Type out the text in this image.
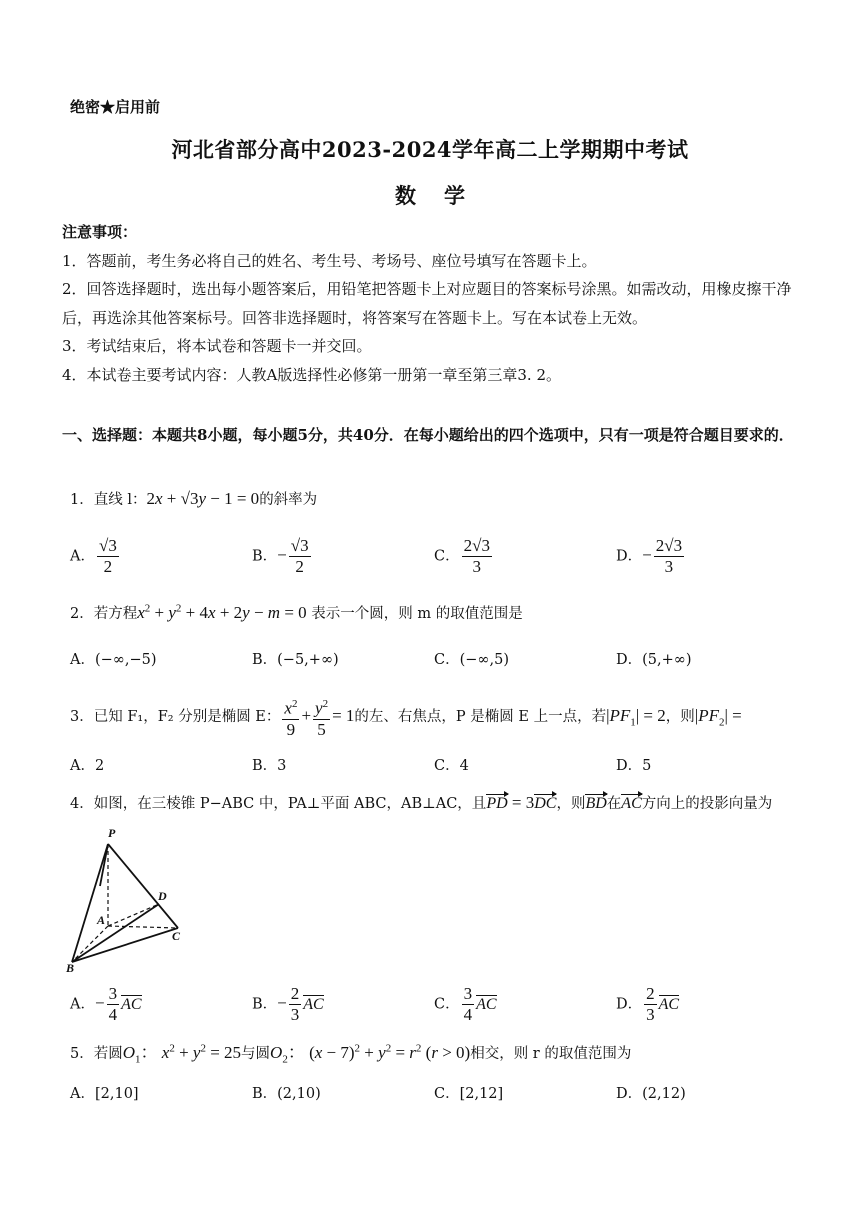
绝密★启用前
河北省部分高中2023-2024学年高二上学期期中考试
数学

注意事项：

1．答题前，考生务必将自己的姓名、考生号、考场号、座位号填写在答题卡上。

2．回答选择题时，选出每小题答案后，用铅笔把答题卡上对应题目的答案标号涂黑。如需改动，用橡皮擦干净后，再选涂其他答案标号。回答非选择题时，将答案写在答题卡上。写在本试卷上无效。

3．考试结束后，将本试卷和答题卡一并交回。

4．本试卷主要考试内容：人教A版选择性必修第一册第一章至第三章3. 2。

一、选择题：本题共8小题，每小题5分，共40分．在每小题给出的四个选项中，只有一项是符合题目要求的．
1．直线 l：2x + √3y − 1 = 0的斜率为
A． $\frac{√3}{2}$	B．− $\frac{√3}{2}$	C． $\frac{2√3}{3}$	D．− $\frac{2√3}{3}$
2．若方程$x^2 + y^2 + 4x + 2y - m = 0$ 表示一个圆，则 m 的取值范围是
A．(−∞,−5)	B．(−5,+∞)	C．(−∞,5)	D．(5,+∞)
3．已知 F₁，F₂ 分别是椭圆 E： $\frac{x^2}{9} + \frac{y^2}{5} = 1$的左、右焦点，P 是椭圆 E 上一点，若$|PF_1| = 2$，则$|PF_2|$ =
A．2	B．3	C．4	D．5
4．如图，在三棱锥 P−ABC 中，PA⊥平面 ABC，AB⊥AC，且PD = 3DC，则BD在AC方向上的投影向量为
P
A
B
C
D
A．− $\frac{3}{4}$ AC	B．− $\frac{2}{3}$ AC	C． $\frac{3}{4}$ AC	D． $\frac{2}{3}$ AC
5．若圆$O_1$： $x^2 + y^2 = 25$与圆$O_2$： $(x - 7)^2 + y^2 = r^2$ (r > 0)相交，则 r 的取值范围为
A．[2,10]	B．(2,10)	C．[2,12]	D．(2,12)
